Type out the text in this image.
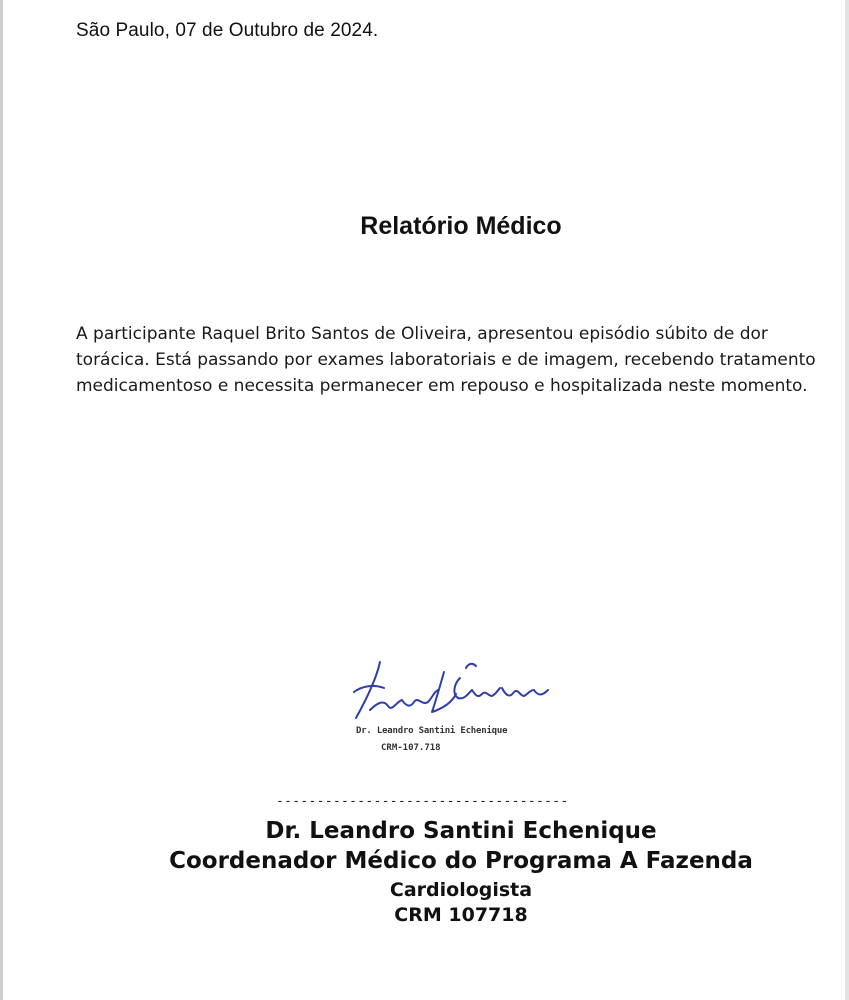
São Paulo, 07 de Outubro de 2024.
Relatório Médico
A participante Raquel Brito Santos de Oliveira, apresentou episódio súbito de dor torácica. Está passando por exames laboratoriais e de imagem, recebendo tratamento medicamentoso e necessita permanecer em repouso e hospitalizada neste momento.
Dr. Leandro Santini Echenique
CRM-107.718
------------------------------------
Dr. Leandro Santini Echenique
Coordenador Médico do Programa A Fazenda
Cardiologista
CRM 107718
